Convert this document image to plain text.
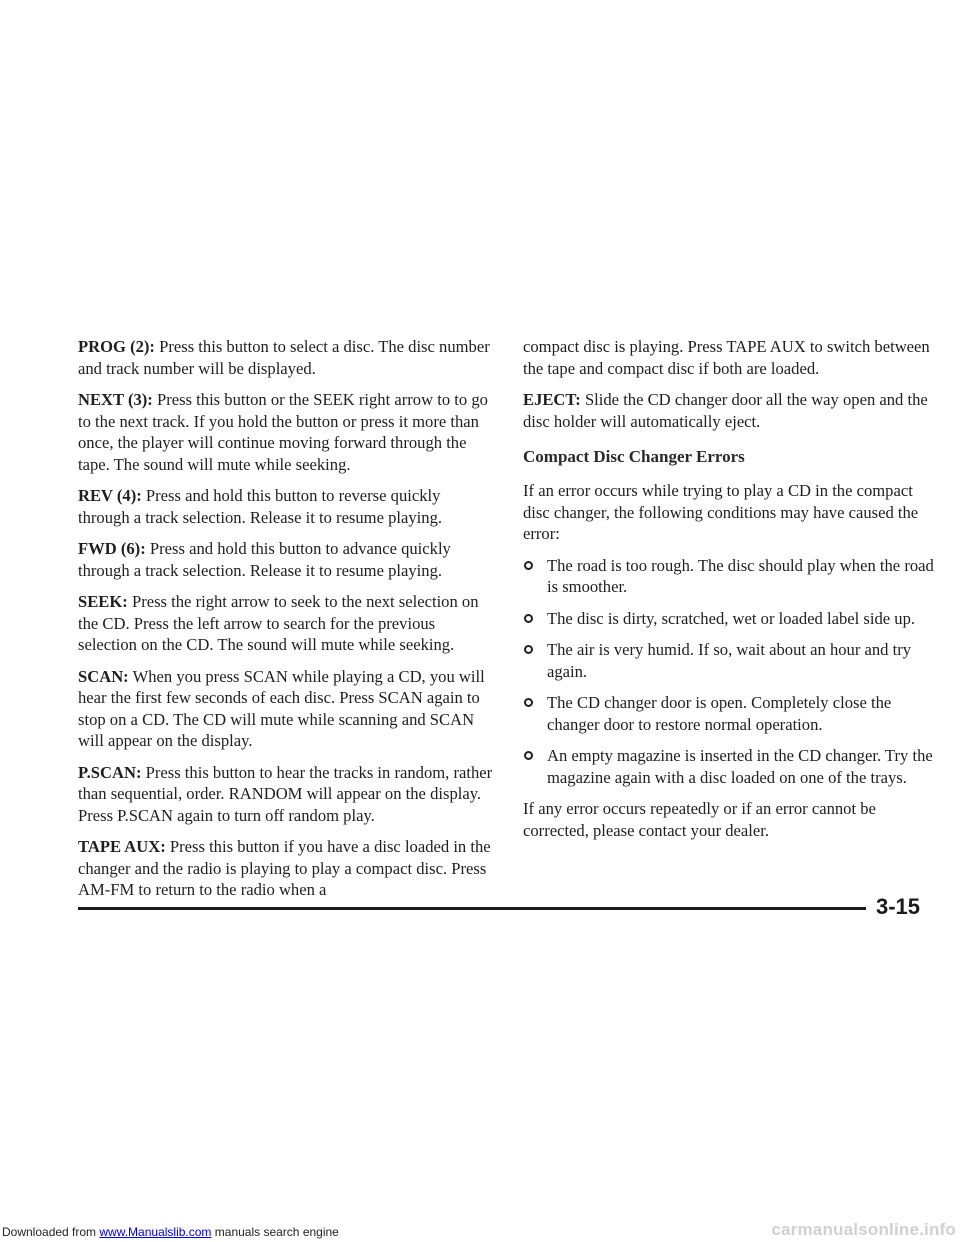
PROG (2): Press this button to select a disc. The disc number and track number will be displayed.

NEXT (3): Press this button or the SEEK right arrow to to go to the next track. If you hold the button or press it more than once, the player will continue moving forward through the tape. The sound will mute while seeking.

REV (4): Press and hold this button to reverse quickly through a track selection. Release it to resume playing.

FWD (6): Press and hold this button to advance quickly through a track selection. Release it to resume playing.

SEEK: Press the right arrow to seek to the next selection on the CD. Press the left arrow to search for the previous selection on the CD. The sound will mute while seeking.

SCAN: When you press SCAN while playing a CD, you will hear the first few seconds of each disc. Press SCAN again to stop on a CD. The CD will mute while scanning and SCAN will appear on the display.

P.SCAN: Press this button to hear the tracks in random, rather than sequential, order. RANDOM will appear on the display. Press P.SCAN again to turn off random play.

TAPE AUX: Press this button if you have a disc loaded in the changer and the radio is playing to play a compact disc. Press AM-FM to return to the radio when a

compact disc is playing. Press TAPE AUX to switch between the tape and compact disc if both are loaded.

EJECT: Slide the CD changer door all the way open and the disc holder will automatically eject.

Compact Disc Changer Errors

If an error occurs while trying to play a CD in the compact disc changer, the following conditions may have caused the error:

The road is too rough. The disc should play when the road is smoother.
The disc is dirty, scratched, wet or loaded label side up.
The air is very humid. If so, wait about an hour and try again.
The CD changer door is open. Completely close the changer door to restore normal operation.
An empty magazine is inserted in the CD changer. Try the magazine again with a disc loaded on one of the trays.

If any error occurs repeatedly or if an error cannot be corrected, please contact your dealer.

3-15
Downloaded from www.Manualslib.com manuals search engine	carmanualsonline.info
